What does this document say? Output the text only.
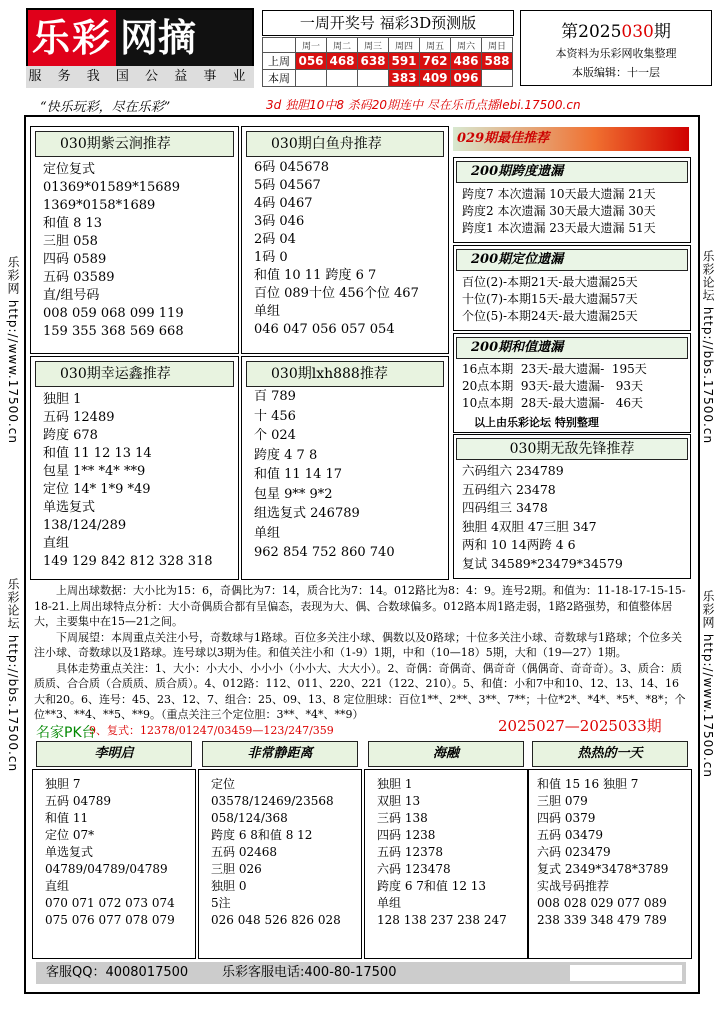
乐彩 网摘
服 务 我 国 公 益 事 业
一周开奖号 福彩3D预测版
	周一	周二	周三	周四	周五	周六	周日
上周	056	468	638	591	762	486	588
本周				383	409	096	
第2025030期
本资料为乐彩网收集整理
本版编辑：十一层
“快乐玩彩，尽在乐彩”	3d 独胆10中8 杀码20期连中 尽在乐币点播lebi.17500.cn
乐彩网 http://www.17500.cn
乐彩论坛 http://bbs.17500.cn
乐彩论坛 http://bbs.17500.cn
乐彩网 http://www.17500.cn
030期紫云涧推荐
定位复式
01369*01589*15689
1369*0158*1689
和值 8 13
三胆 058
四码 0589
五码 03589
直/组号码
008 059 068 099 119
159 355 368 569 668
030期白鱼舟推荐
6码 045678
5码 04567
4码 0467
3码 046
2码 04
1码 0
和值 10 11 跨度 6 7
百位 089十位 456个位 467
单组
046 047 056 057 054
030期幸运鑫推荐
独胆 1
五码 12489
跨度 678
和值 11 12 13 14
包星 1** *4* **9
定位 14* 1*9 *49
单选复式
138/124/289
直组
149 129 842 812 328 318
030期lxh888推荐
百 789
十 456
个 024
跨度 4 7 8
和值 11 14 17
包星 9** 9*2
组选复式 246789
单组
962 854 752 860 740
029期最佳推荐
200期跨度遗漏
跨度7 本次遗漏 10天最大遗漏 21天
跨度2 本次遗漏 30天最大遗漏 30天
跨度1 本次遗漏 23天最大遗漏 51天
200期定位遗漏
百位(2)-本期21天-最大遗漏25天
十位(7)-本期15天-最大遗漏57天
个位(5)-本期24天-最大遗漏25天
200期和值遗漏
16点本期  23天-最大遗漏-  195天
20点本期  93天-最大遗漏-   93天
10点本期  28天-最大遗漏-   46天
以上由乐彩论坛 特别整理
030期无敌先锋推荐
六码组六 234789
五码组六 23478
四码组三 3478
独胆 4双胆 47三胆 347
两和 10 14两跨 4 6
复试 34589*23479*34579
上周出球数据：大小比为15：6，奇偶比为7：14，质合比为7：14。012路比为8：4：9。连号2期。和值为：11-18-17-15-15-18-21.上周出球特点分析：大小奇偶质合都有呈偏态，表现为大、偶、合数球偏多。012路本周1路走弱，1路2路强势，和值整体居大，主要集中在15—21之间。
下周展望：本周重点关注小号，奇数球与1路球。百位多关注小球、偶数以及0路球；十位多关注小球、奇数球与1路球；个位多关注小球、奇数球以及1路球。连号球以3期为佳。和值关注小和（1-9）1期，中和（10—18）5期，大和（19—27）1期。
具体走势重点关注：1、大小：小大小、小小小（小小大、大大小）。2、奇偶：奇偶奇、偶奇奇（偶偶奇、奇奇奇）。3、质合：质质质、合合质（合质质、质合质）。4、012路：112、011、220、221（122、210）。5、和值：小和7中和10、12、13、14、16大和20。6、连号：45、23、12、7、组合：25、09、13、8 定位胆球：百位1**、2**、3**、7**；十位*2*、*4*、*5*、*8*；个位**3、**4、**5、**9。（重点关注三个定位胆：3**、*4*、**9）
9、复式：12378/01247/03459—123/247/359
名家PK台	2025027—2025033期
李明启
独胆 7
五码 04789
和值 11
定位 07*
单选复式
04789/04789/04789
直组
070 071 072 073 074
075 076 077 078 079
非常静距离
定位
03578/12469/23568
058/124/368
跨度 6 8和值 8 12
五码 02468
三胆 026
独胆 0
5注
026 048 526 826 028
海融
独胆 1
双胆 13
三码 138
四码 1238
五码 12378
六码 123478
跨度 6 7和值 12 13
单组
128 138 237 238 247
热热的一天
和值 15 16 独胆 7
三胆 079
四码 0379
五码 03479
六码 023479
复式 2349*3478*3789
实战号码推荐
008 028 029 077 089
238 339 348 479 789
客服QQ：4008017500	乐彩客服电话:400-80-17500
